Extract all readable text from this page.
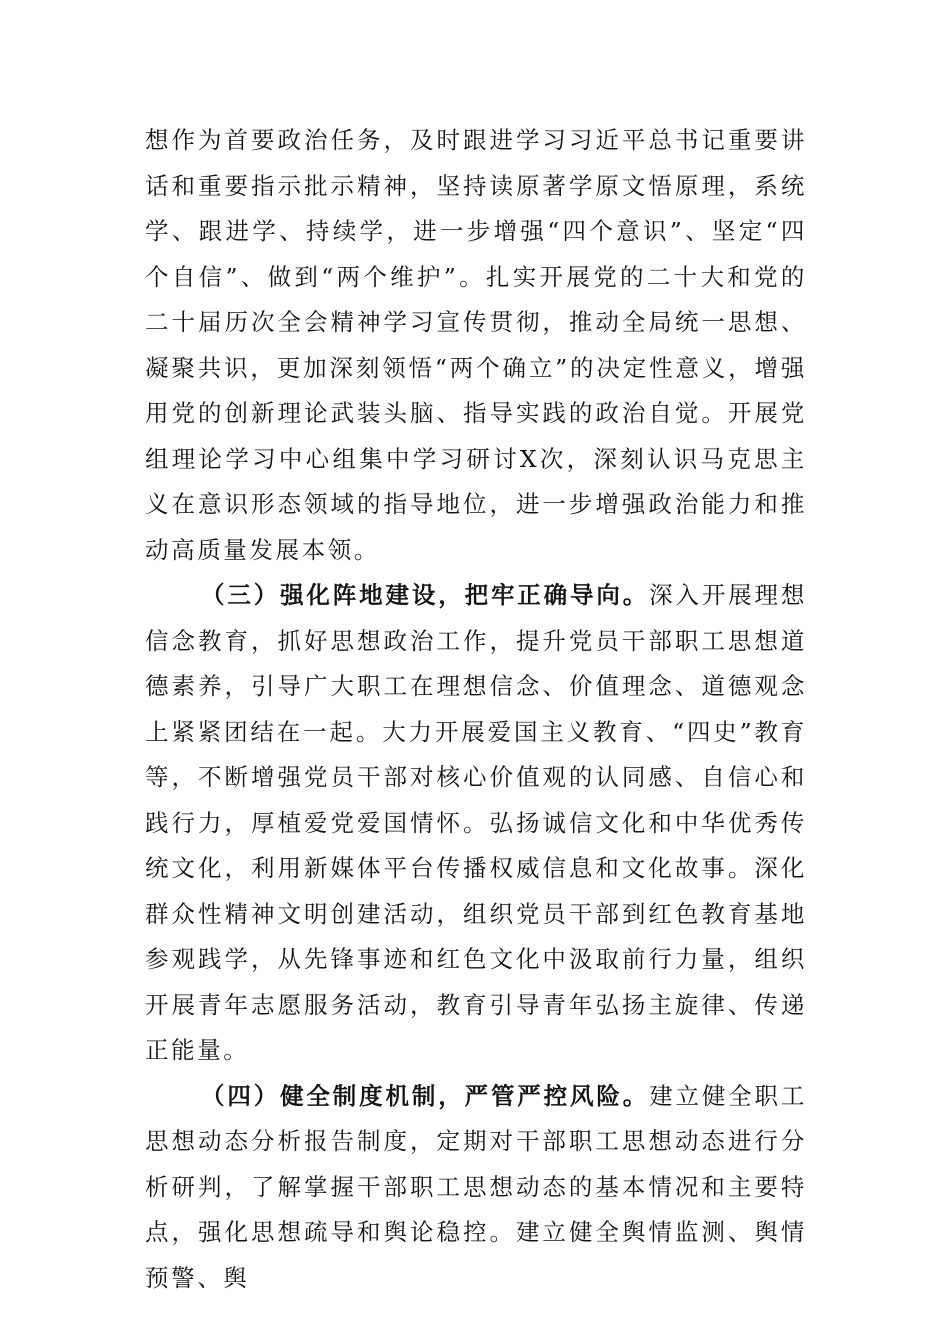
想作为首要政治任务，及时跟进学习习近平总书记重要讲话和重要指示批示精神，坚持读原著学原文悟原理，系统学、跟进学、持续学，进一步增强“四个意识”、坚定“四个自信”、做到“两个维护”。扎实开展党的二十大和党的二十届历次全会精神学习宣传贯彻，推动全局统一思想、凝聚共识，更加深刻领悟“两个确立”的决定性意义，增强用党的创新理论武装头脑、指导实践的政治自觉。开展党组理论学习中心组集中学习研讨X次，深刻认识马克思主义在意识形态领域的指导地位，进一步增强政治能力和推动高质量发展本领。

（三）强化阵地建设，把牢正确导向。深入开展理想信念教育，抓好思想政治工作，提升党员干部职工思想道德素养，引导广大职工在理想信念、价值理念、道德观念上紧紧团结在一起。大力开展爱国主义教育、“四史”教育等，不断增强党员干部对核心价值观的认同感、自信心和践行力，厚植爱党爱国情怀。弘扬诚信文化和中华优秀传统文化，利用新媒体平台传播权威信息和文化故事。深化群众性精神文明创建活动，组织党员干部到红色教育基地参观践学，从先锋事迹和红色文化中汲取前行力量，组织开展青年志愿服务活动，教育引导青年弘扬主旋律、传递正能量。

（四）健全制度机制，严管严控风险。建立健全职工思想动态分析报告制度，定期对干部职工思想动态进行分析研判，了解掌握干部职工思想动态的基本情况和主要特点，强化思想疏导和舆论稳控。建立健全舆情监测、舆情预警、舆
